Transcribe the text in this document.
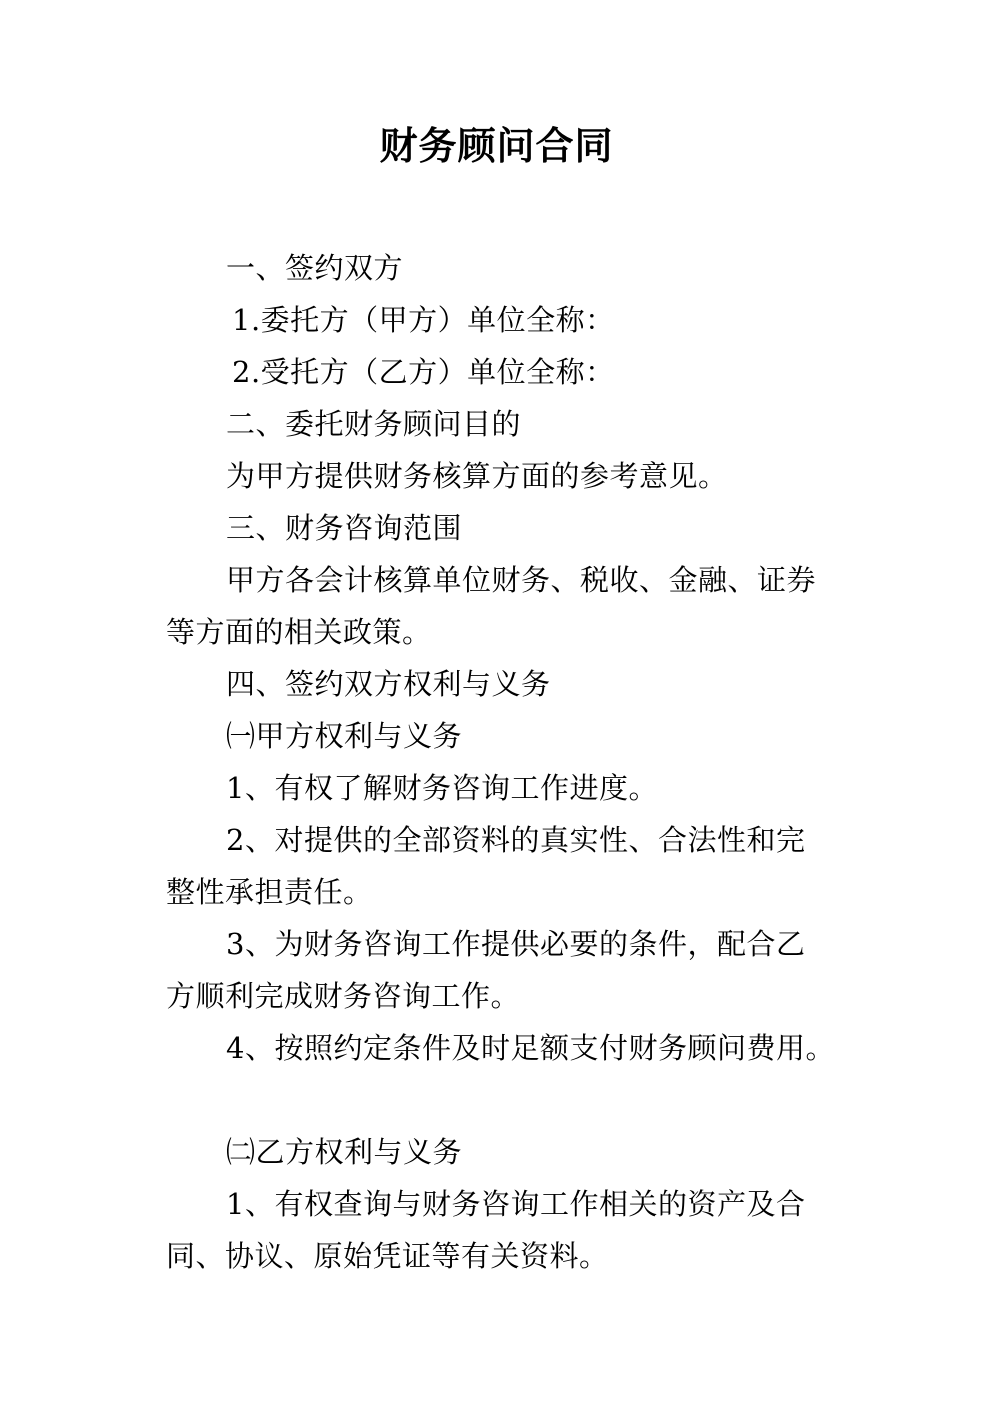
财务顾问合同
一、签约双方
1.委托方（甲方）单位全称：
2.受托方（乙方）单位全称：
二、委托财务顾问目的
为甲方提供财务核算方面的参考意见。
三、财务咨询范围
甲方各会计核算单位财务、税收、金融、证券
等方面的相关政策。
四、签约双方权利与义务
㈠甲方权利与义务
1、有权了解财务咨询工作进度。
2、对提供的全部资料的真实性、合法性和完
整性承担责任。
3、为财务咨询工作提供必要的条件，配合乙
方顺利完成财务咨询工作。
4、按照约定条件及时足额支付财务顾问费用。
㈡乙方权利与义务
1、有权查询与财务咨询工作相关的资产及合
同、协议、原始凭证等有关资料。
